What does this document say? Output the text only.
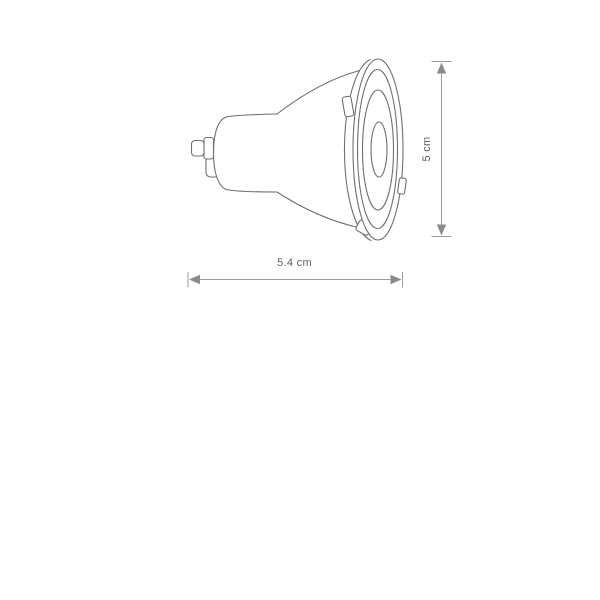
5 cm
5.4 cm
